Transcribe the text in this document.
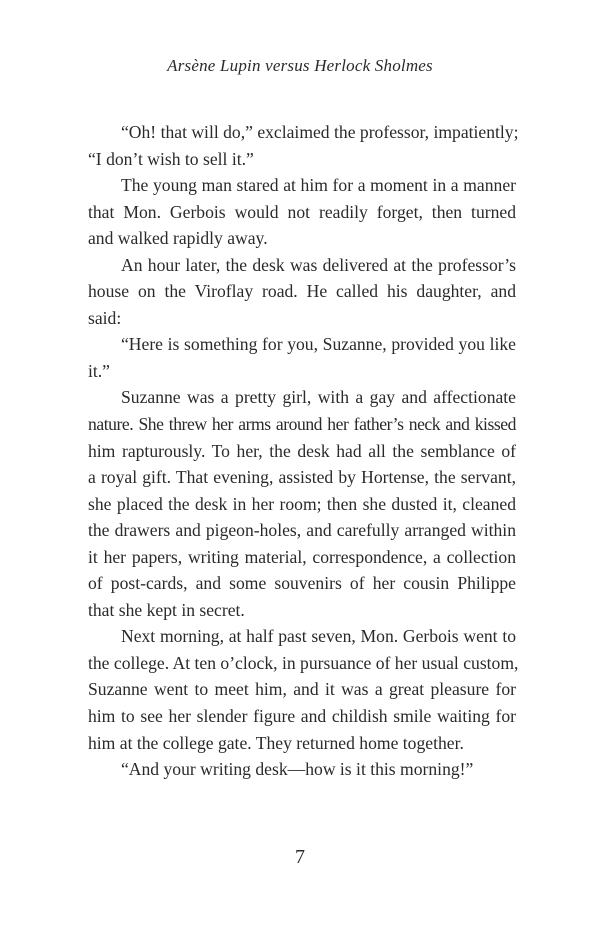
Arsène Lupin versus Herlock Sholmes
“Oh! that will do,” exclaimed the professor, impatiently;
“I don’t wish to sell it.”
The young man stared at him for a moment in a manner
that Mon. Gerbois would not readily forget, then turned
and walked rapidly away.
An hour later, the desk was delivered at the professor’s
house on the Viroflay road. He called his daughter, and
said:
“Here is something for you, Suzanne, provided you like
it.”
Suzanne was a pretty girl, with a gay and affectionate
nature. She threw her arms around her father’s neck and kissed
him rapturously. To her, the desk had all the semblance of
a royal gift. That evening, assisted by Hortense, the servant,
she placed the desk in her room; then she dusted it, cleaned
the drawers and pigeon-holes, and carefully arranged within
it her papers, writing material, correspondence, a collection
of post-cards, and some souvenirs of her cousin Philippe
that she kept in secret.
Next morning, at half past seven, Mon. Gerbois went to
the college. At ten o’clock, in pursuance of her usual custom,
Suzanne went to meet him, and it was a great pleasure for
him to see her slender figure and childish smile waiting for
him at the college gate. They returned home together.
“And your writing desk—how is it this morning!”
7
